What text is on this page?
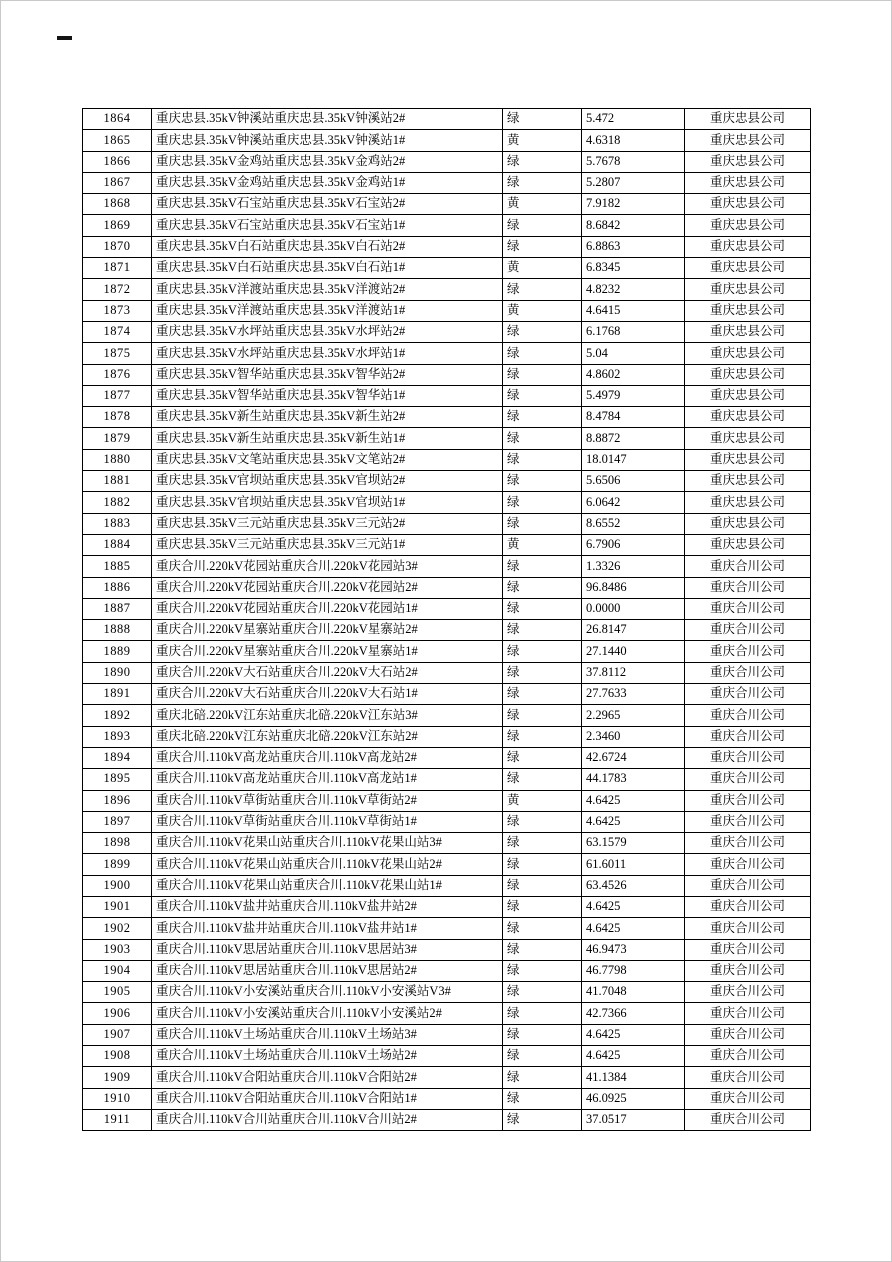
1864	重庆忠县.35kV钟溪站重庆忠县.35kV钟溪站2#	绿	5.472	重庆忠县公司
1865	重庆忠县.35kV钟溪站重庆忠县.35kV钟溪站1#	黄	4.6318	重庆忠县公司
1866	重庆忠县.35kV金鸡站重庆忠县.35kV金鸡站2#	绿	5.7678	重庆忠县公司
1867	重庆忠县.35kV金鸡站重庆忠县.35kV金鸡站1#	绿	5.2807	重庆忠县公司
1868	重庆忠县.35kV石宝站重庆忠县.35kV石宝站2#	黄	7.9182	重庆忠县公司
1869	重庆忠县.35kV石宝站重庆忠县.35kV石宝站1#	绿	8.6842	重庆忠县公司
1870	重庆忠县.35kV白石站重庆忠县.35kV白石站2#	绿	6.8863	重庆忠县公司
1871	重庆忠县.35kV白石站重庆忠县.35kV白石站1#	黄	6.8345	重庆忠县公司
1872	重庆忠县.35kV洋渡站重庆忠县.35kV洋渡站2#	绿	4.8232	重庆忠县公司
1873	重庆忠县.35kV洋渡站重庆忠县.35kV洋渡站1#	黄	4.6415	重庆忠县公司
1874	重庆忠县.35kV水坪站重庆忠县.35kV水坪站2#	绿	6.1768	重庆忠县公司
1875	重庆忠县.35kV水坪站重庆忠县.35kV水坪站1#	绿	5.04	重庆忠县公司
1876	重庆忠县.35kV智华站重庆忠县.35kV智华站2#	绿	4.8602	重庆忠县公司
1877	重庆忠县.35kV智华站重庆忠县.35kV智华站1#	绿	5.4979	重庆忠县公司
1878	重庆忠县.35kV新生站重庆忠县.35kV新生站2#	绿	8.4784	重庆忠县公司
1879	重庆忠县.35kV新生站重庆忠县.35kV新生站1#	绿	8.8872	重庆忠县公司
1880	重庆忠县.35kV文笔站重庆忠县.35kV文笔站2#	绿	18.0147	重庆忠县公司
1881	重庆忠县.35kV官坝站重庆忠县.35kV官坝站2#	绿	5.6506	重庆忠县公司
1882	重庆忠县.35kV官坝站重庆忠县.35kV官坝站1#	绿	6.0642	重庆忠县公司
1883	重庆忠县.35kV三元站重庆忠县.35kV三元站2#	绿	8.6552	重庆忠县公司
1884	重庆忠县.35kV三元站重庆忠县.35kV三元站1#	黄	6.7906	重庆忠县公司
1885	重庆合川.220kV花园站重庆合川.220kV花园站3#	绿	1.3326	重庆合川公司
1886	重庆合川.220kV花园站重庆合川.220kV花园站2#	绿	96.8486	重庆合川公司
1887	重庆合川.220kV花园站重庆合川.220kV花园站1#	绿	0.0000	重庆合川公司
1888	重庆合川.220kV星寨站重庆合川.220kV星寨站2#	绿	26.8147	重庆合川公司
1889	重庆合川.220kV星寨站重庆合川.220kV星寨站1#	绿	27.1440	重庆合川公司
1890	重庆合川.220kV大石站重庆合川.220kV大石站2#	绿	37.8112	重庆合川公司
1891	重庆合川.220kV大石站重庆合川.220kV大石站1#	绿	27.7633	重庆合川公司
1892	重庆北碚.220kV江东站重庆北碚.220kV江东站3#	绿	2.2965	重庆合川公司
1893	重庆北碚.220kV江东站重庆北碚.220kV江东站2#	绿	2.3460	重庆合川公司
1894	重庆合川.110kV高龙站重庆合川.110kV高龙站2#	绿	42.6724	重庆合川公司
1895	重庆合川.110kV高龙站重庆合川.110kV高龙站1#	绿	44.1783	重庆合川公司
1896	重庆合川.110kV草街站重庆合川.110kV草街站2#	黄	4.6425	重庆合川公司
1897	重庆合川.110kV草街站重庆合川.110kV草街站1#	绿	4.6425	重庆合川公司
1898	重庆合川.110kV花果山站重庆合川.110kV花果山站3#	绿	63.1579	重庆合川公司
1899	重庆合川.110kV花果山站重庆合川.110kV花果山站2#	绿	61.6011	重庆合川公司
1900	重庆合川.110kV花果山站重庆合川.110kV花果山站1#	绿	63.4526	重庆合川公司
1901	重庆合川.110kV盐井站重庆合川.110kV盐井站2#	绿	4.6425	重庆合川公司
1902	重庆合川.110kV盐井站重庆合川.110kV盐井站1#	绿	4.6425	重庆合川公司
1903	重庆合川.110kV思居站重庆合川.110kV思居站3#	绿	46.9473	重庆合川公司
1904	重庆合川.110kV思居站重庆合川.110kV思居站2#	绿	46.7798	重庆合川公司
1905	重庆合川.110kV小安溪站重庆合川.110kV小安溪站V3#	绿	41.7048	重庆合川公司
1906	重庆合川.110kV小安溪站重庆合川.110kV小安溪站2#	绿	42.7366	重庆合川公司
1907	重庆合川.110kV土场站重庆合川.110kV土场站3#	绿	4.6425	重庆合川公司
1908	重庆合川.110kV土场站重庆合川.110kV土场站2#	绿	4.6425	重庆合川公司
1909	重庆合川.110kV合阳站重庆合川.110kV合阳站2#	绿	41.1384	重庆合川公司
1910	重庆合川.110kV合阳站重庆合川.110kV合阳站1#	绿	46.0925	重庆合川公司
1911	重庆合川.110kV合川站重庆合川.110kV合川站2#	绿	37.0517	重庆合川公司
